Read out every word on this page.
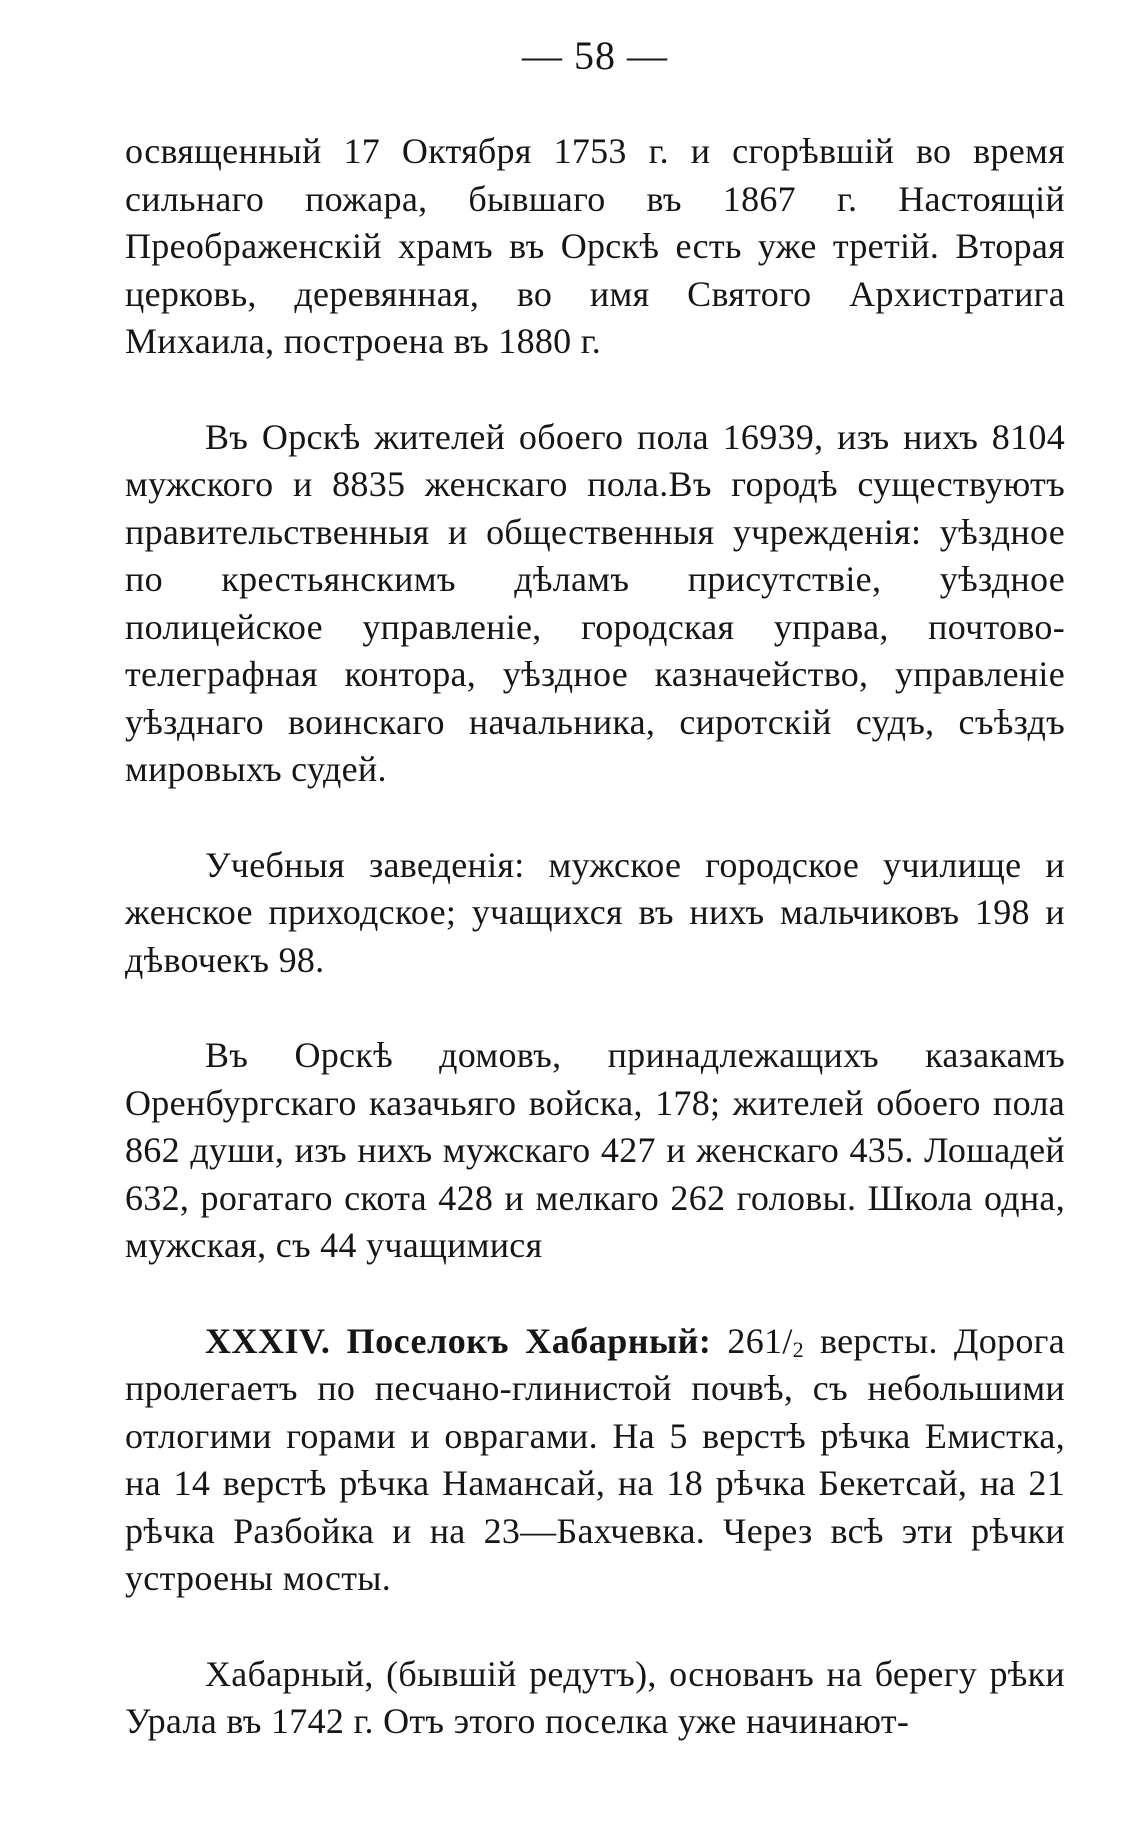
— 58 —

освященный 17 Октября 1753 г. и сгорѣвшій во время сильнаго пожара, бывшаго въ 1867 г. Настоящій Преображенскій храмъ въ Орскѣ есть уже третій. Вторая церковь, деревянная, во имя Святого Архистратига Михаила, построена въ 1880 г.

Въ Орскѣ жителей обоего пола 16939, изъ нихъ 8104 мужского и 8835 женскаго пола.Въ городѣ существуютъ правительственныя и общественныя учрежденія: уѣздное по крестьянскимъ дѣламъ присутствіе, уѣздное полицейское управленіе, городская управа, почтово-телеграфная контора, уѣздное казначейство, управленіе уѣзднаго воинскаго начальника, сиротскій судъ, съѣздъ мировыхъ судей.

Учебныя заведенія: мужское городское училище и женское приходское; учащихся въ нихъ мальчиковъ 198 и дѣвочекъ 98.

Въ Орскѣ домовъ, принадлежащихъ казакамъ Оренбургскаго казачьяго войска, 178; жителей обоего пола 862 души, изъ нихъ мужскаго 427 и женскаго 435. Лошадей 632, рогатаго скота 428 и мелкаго 262 головы. Школа одна, мужская, съ 44 учащимися

XXXIV. Поселокъ Хабарный: $261/_2$ версты. Дорога пролегаетъ по песчано-глинистой почвѣ, съ небольшими отлогими горами и оврагами. На 5 верстѣ рѣчка Емистка, на 14 верстѣ рѣчка Намансай, на 18 рѣчка Бекетсай, на 21 рѣчка Разбойка и на 23—Бахчевка. Через всѣ эти рѣчки устроены мосты.

Хабарный, (бывшій редутъ), основанъ на берегу рѣки Урала въ 1742 г. Отъ этого поселка уже начинают-
